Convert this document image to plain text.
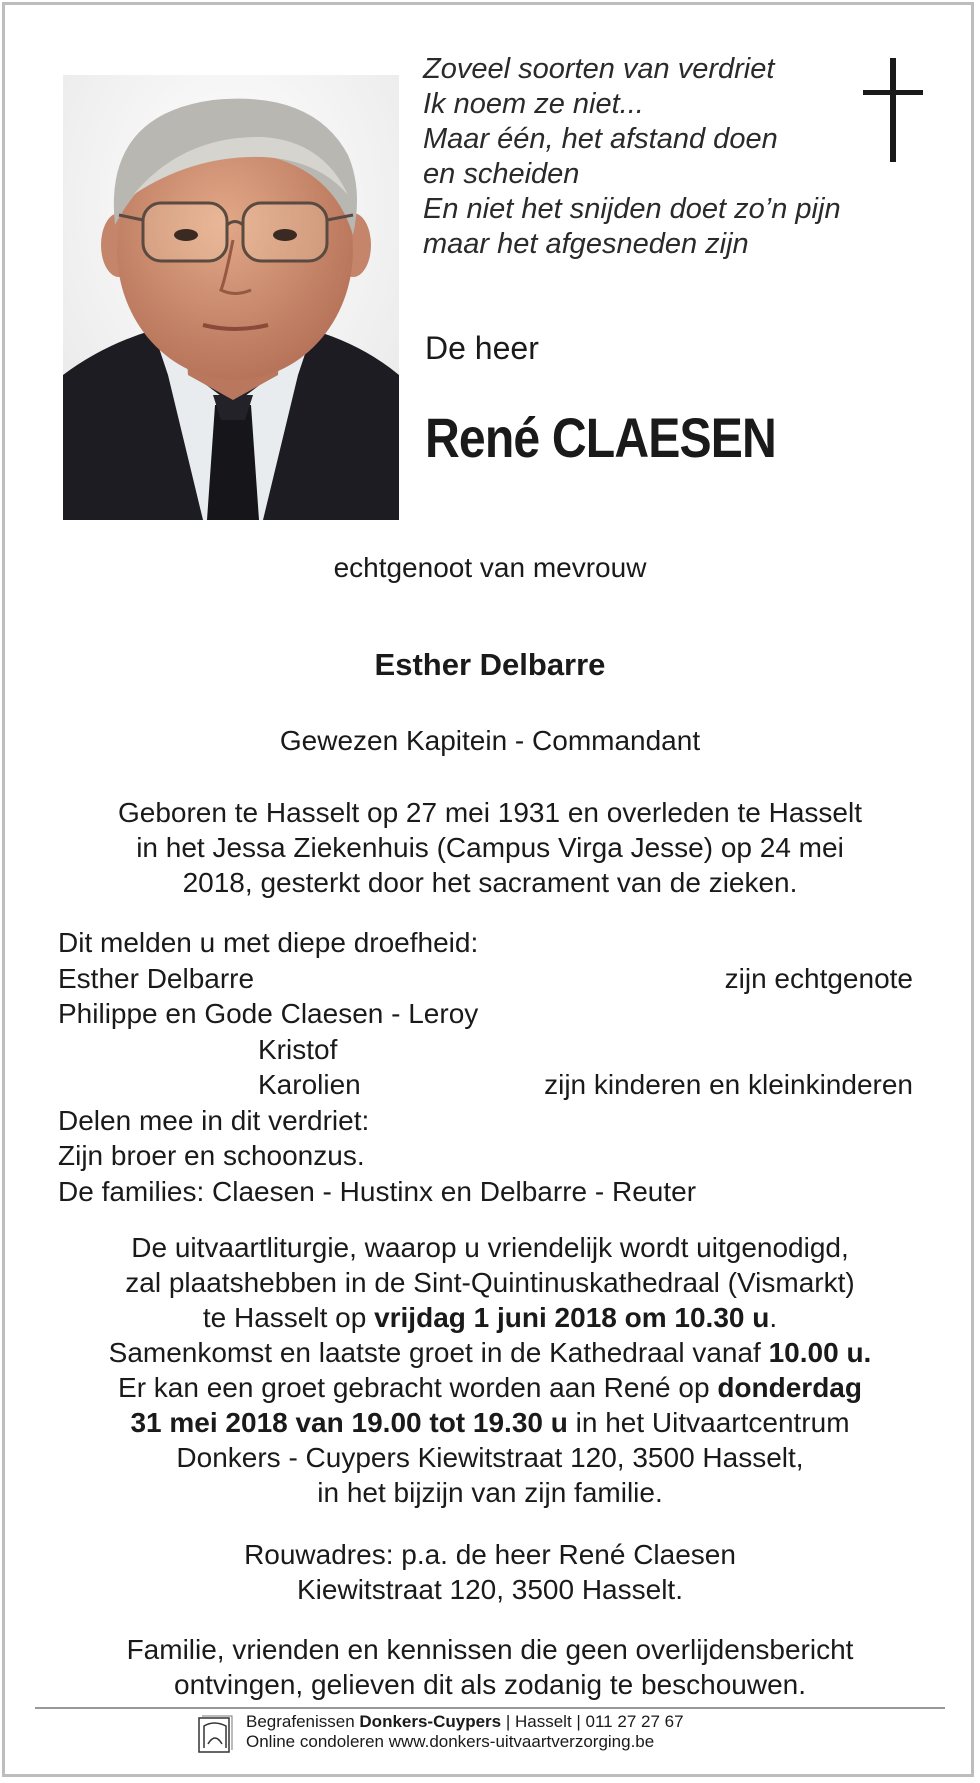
Zoveel soorten van verdriet
Ik noem ze niet...
Maar één, het afstand doen
en scheiden
En niet het snijden doet zo’n pijn
maar het afgesneden zijn
De heer
René CLAESEN
echtgenoot van mevrouw
Esther Delbarre
Gewezen Kapitein - Commandant
Geboren te Hasselt op 27 mei 1931 en overleden te Hasselt
in het Jessa Ziekenhuis (Campus Virga Jesse) op 24 mei
2018, gesterkt door het sacrament van de zieken.
Dit melden u met diepe droefheid:
Esther Delbarre	zijn echtgenote
Philippe en Gode Claesen - Leroy
Kristof
Karolien	zijn kinderen en kleinkinderen
Delen mee in dit verdriet:
Zijn broer en schoonzus.
De families: Claesen - Hustinx en Delbarre - Reuter
De uitvaartliturgie, waarop u vriendelijk wordt uitgenodigd,
zal plaatshebben in de Sint-Quintinuskathedraal (Vismarkt)
te Hasselt op vrijdag 1 juni 2018 om 10.30 u.
Samenkomst en laatste groet in de Kathedraal vanaf 10.00 u.
Er kan een groet gebracht worden aan René op donderdag
31 mei 2018 van 19.00 tot 19.30 u in het Uitvaartcentrum
Donkers - Cuypers Kiewitstraat 120, 3500 Hasselt,
in het bijzijn van zijn familie.
Rouwadres: p.a. de heer René Claesen
Kiewitstraat 120, 3500 Hasselt.
Familie, vrienden en kennissen die geen overlijdensbericht
ontvingen, gelieven dit als zodanig te beschouwen.
Begrafenissen Donkers-Cuypers | Hasselt | 011 27 27 67
Online condoleren www.donkers-uitvaartverzorging.be
